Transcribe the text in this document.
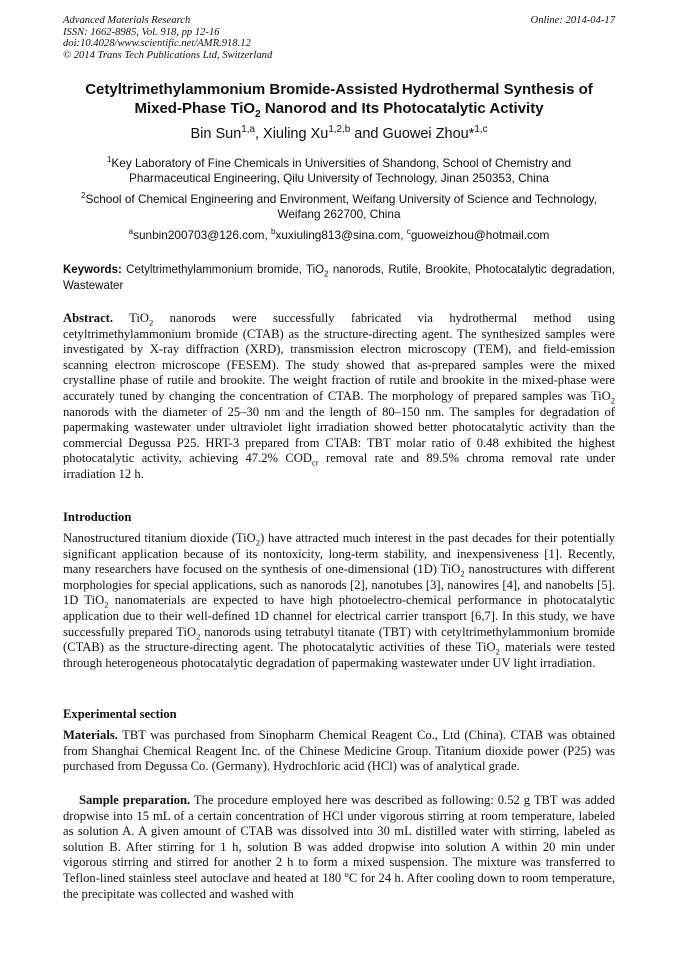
Advanced Materials Research
ISSN: 1662-8985, Vol. 918, pp 12-16
doi:10.4028/www.scientific.net/AMR.918.12
© 2014 Trans Tech Publications Ltd, Switzerland
Online: 2014-04-17
Cetyltrimethylammonium Bromide-Assisted Hydrothermal Synthesis of
Mixed-Phase TiO$_2$ Nanorod and Its Photocatalytic Activity
Bin Sun$^{1,a}$, Xiuling Xu$^{1,2,b}$ and Guowei Zhou*$^{1,c}$
$^1$Key Laboratory of Fine Chemicals in Universities of Shandong, School of Chemistry and
Pharmaceutical Engineering, Qilu University of Technology, Jinan 250353, China
$^2$School of Chemical Engineering and Environment, Weifang University of Science and Technology,
Weifang 262700, China
$^a$sunbin200703@126.com, $^b$xuxiuling813@sina.com, $^c$guoweizhou@hotmail.com
Keywords: Cetyltrimethylammonium bromide, TiO$_2$ nanorods, Rutile, Brookite, Photocatalytic degradation, Wastewater
Abstract. TiO$_2$ nanorods were successfully fabricated via hydrothermal method using cetyltrimethylammonium bromide (CTAB) as the structure-directing agent. The synthesized samples were investigated by X-ray diffraction (XRD), transmission electron microscopy (TEM), and field-emission scanning electron microscope (FESEM). The study showed that as-prepared samples were the mixed crystalline phase of rutile and brookite. The weight fraction of rutile and brookite in the mixed-phase were accurately tuned by changing the concentration of CTAB. The morphology of prepared samples was TiO$_2$ nanorods with the diameter of 25–30 nm and the length of 80–150 nm. The samples for degradation of papermaking wastewater under ultraviolet light irradiation showed better photocatalytic activity than the commercial Degussa P25. HRT-3 prepared from CTAB: TBT molar ratio of 0.48 exhibited the highest photocatalytic activity, achieving 47.2% $COD_{cr}$ removal rate and 89.5% chroma removal rate under irradiation 12 h.
Introduction
Nanostructured titanium dioxide (TiO$_2$) have attracted much interest in the past decades for their potentially significant application because of its nontoxicity, long-term stability, and inexpensiveness [1]. Recently, many researchers have focused on the synthesis of one-dimensional (1D) TiO$_2$ nanostructures with different morphologies for special applications, such as nanorods [2], nanotubes [3], nanowires [4], and nanobelts [5]. 1D TiO$_2$ nanomaterials are expected to have high photoelectro-chemical performance in photocatalytic application due to their well-defined 1D channel for electrical carrier transport [6,7]. In this study, we have successfully prepared TiO$_2$ nanorods using tetrabutyl titanate (TBT) with cetyltrimethylammonium bromide (CTAB) as the structure-directing agent. The photocatalytic activities of these TiO$_2$ materials were tested through heterogeneous photocatalytic degradation of papermaking wastewater under UV light irradiation.
Experimental section
Materials. TBT was purchased from Sinopharm Chemical Reagent Co., Ltd (China). CTAB was obtained from Shanghai Chemical Reagent Inc. of the Chinese Medicine Group. Titanium dioxide power (P25) was purchased from Degussa Co. (Germany). Hydrochloric acid (HCl) was of analytical grade.
Sample preparation. The procedure employed here was described as following: 0.52 g TBT was added dropwise into 15 mL of a certain concentration of HCl under vigorous stirring at room temperature, labeled as solution A. A given amount of CTAB was dissolved into 30 mL distilled water with stirring, labeled as solution B. After stirring for 1 h, solution B was added dropwise into solution A within 20 min under vigorous stirring and stirred for another 2 h to form a mixed suspension. The mixture was transferred to Teflon-lined stainless steel autoclave and heated at 180 $^o$C for 24 h. After cooling down to room temperature, the precipitate was collected and washed with
